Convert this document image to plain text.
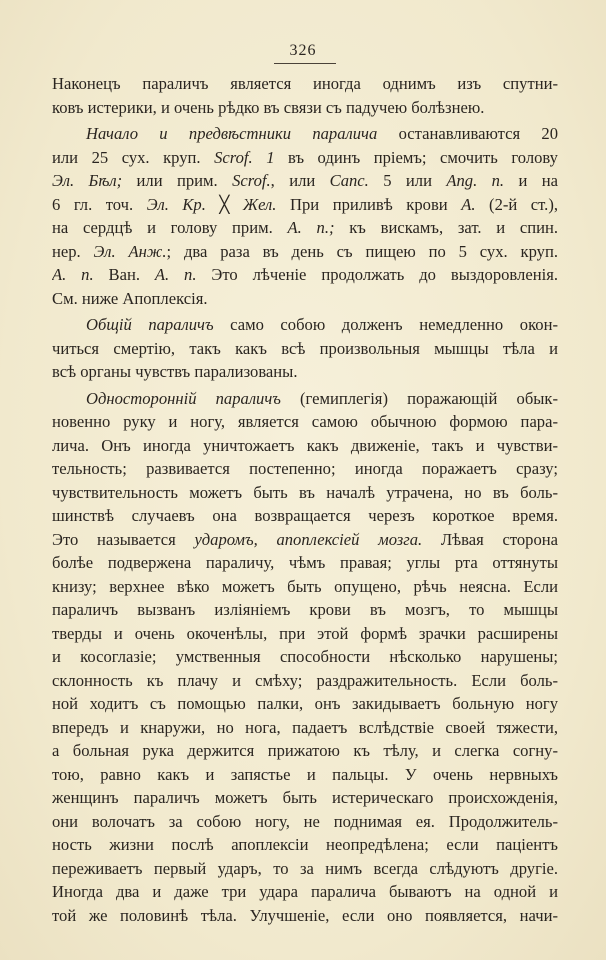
326
Наконецъ параличъ является иногда однимъ изъ спутни-
ковъ истерики, и очень рѣдко въ связи съ падучею болѣзнею.
Начало и предвѣстники паралича останавливаются 20
или 25 сух. круп. Scrof. 1 въ одинъ пріемъ; смочить голову
Эл. Бѣл; или прим. Scrof., или Canc. 5 или Ang. n. и на
6 гл. точ. Эл. Кр. ╳ Жел. При приливѣ крови А. (2-й ст.),
на сердцѣ и голову прим. А. n.; къ вискамъ, зат. и спин.
нер. Эл. Анж.; два раза въ день съ пищею по 5 сух. круп.
А. n. Ван. А. n. Это лѣченіе продолжать до выздоровленія.
См. ниже Апоплексія.
Общій параличъ само собою долженъ немедленно окон-
читься смертію, такъ какъ всѣ произвольныя мышцы тѣла и
всѣ органы чувствъ парализованы.
Односторонній параличъ (гемиплегія) поражающій обык-
новенно руку и ногу, является самою обычною формою пара-
лича. Онъ иногда уничтожаетъ какъ движеніе, такъ и чувстви-
тельность; развивается постепенно; иногда поражаетъ сразу;
чувствительность можетъ быть въ началѣ утрачена, но въ боль-
шинствѣ случаевъ она возвращается черезъ короткое время.
Это называется ударомъ, апоплексіей мозга. Лѣвая сторона
болѣе подвержена параличу, чѣмъ правая; углы рта оттянуты
книзу; верхнее вѣко можетъ быть опущено, рѣчь неясна. Если
параличъ вызванъ изліяніемъ крови въ мозгъ, то мышцы
тверды и очень окоченѣлы, при этой формѣ зрачки расширены
и косоглазіе; умственныя способности нѣсколько нарушены;
склонность къ плачу и смѣху; раздражительность. Если боль-
ной ходитъ съ помощью палки, онъ закидываетъ больную ногу
впередъ и кнаружи, но нога, падаетъ вслѣдствіе своей тяжести,
а больная рука держится прижатою къ тѣлу, и слегка согну-
тою, равно какъ и запястье и пальцы. У очень нервныхъ
женщинъ параличъ можетъ быть истерическаго происхожденія,
они волочатъ за собою ногу, не поднимая ея. Продолжитель-
ность жизни послѣ апоплексіи неопредѣлена; если паціентъ
переживаетъ первый ударъ, то за нимъ всегда слѣдуютъ другіе.
Иногда два и даже три удара паралича бываютъ на одной и
той же половинѣ тѣла. Улучшеніе, если оно появляется, начи-
